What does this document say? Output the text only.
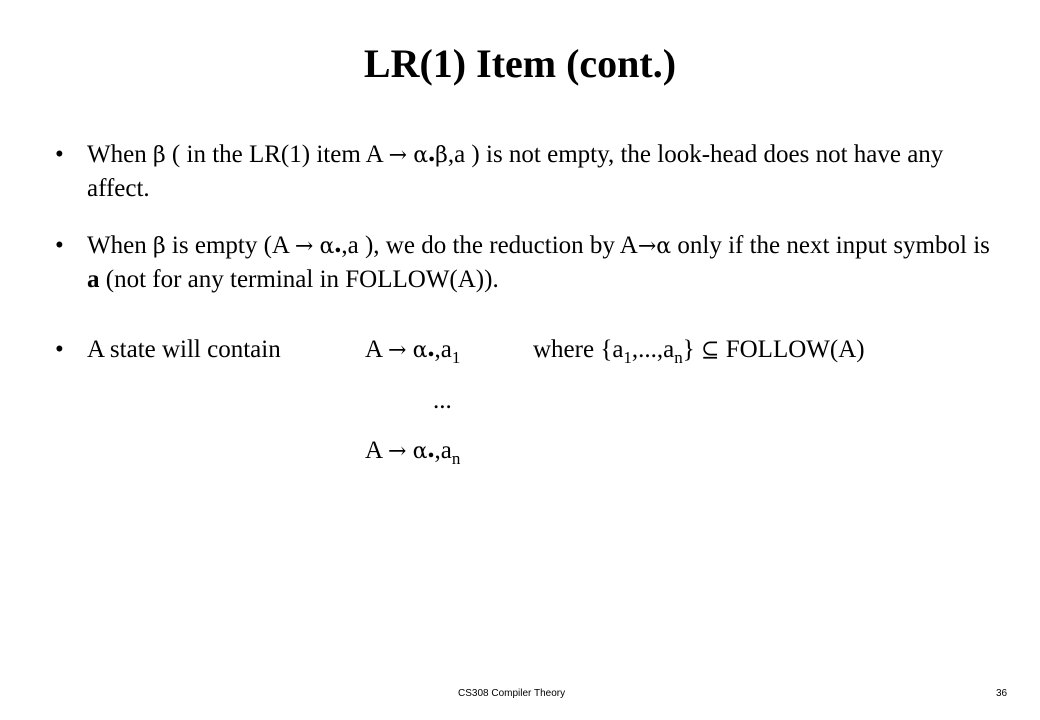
LR(1) Item (cont.)
• When β ( in the LR(1) item A → α.β,a ) is not empty, the look-head does not have any affect.
• When β is empty (A → α.,a ), we do the reduction by A→α only if the next input symbol is a (not for any terminal in FOLLOW(A)).
• A state will contain	$A \to \alpha.,a_1$	where $\{a_1,...,a_n\}$ ⊆ FOLLOW(A)
...
$A \to \alpha.,a_n$
CS308 Compiler Theory	36
